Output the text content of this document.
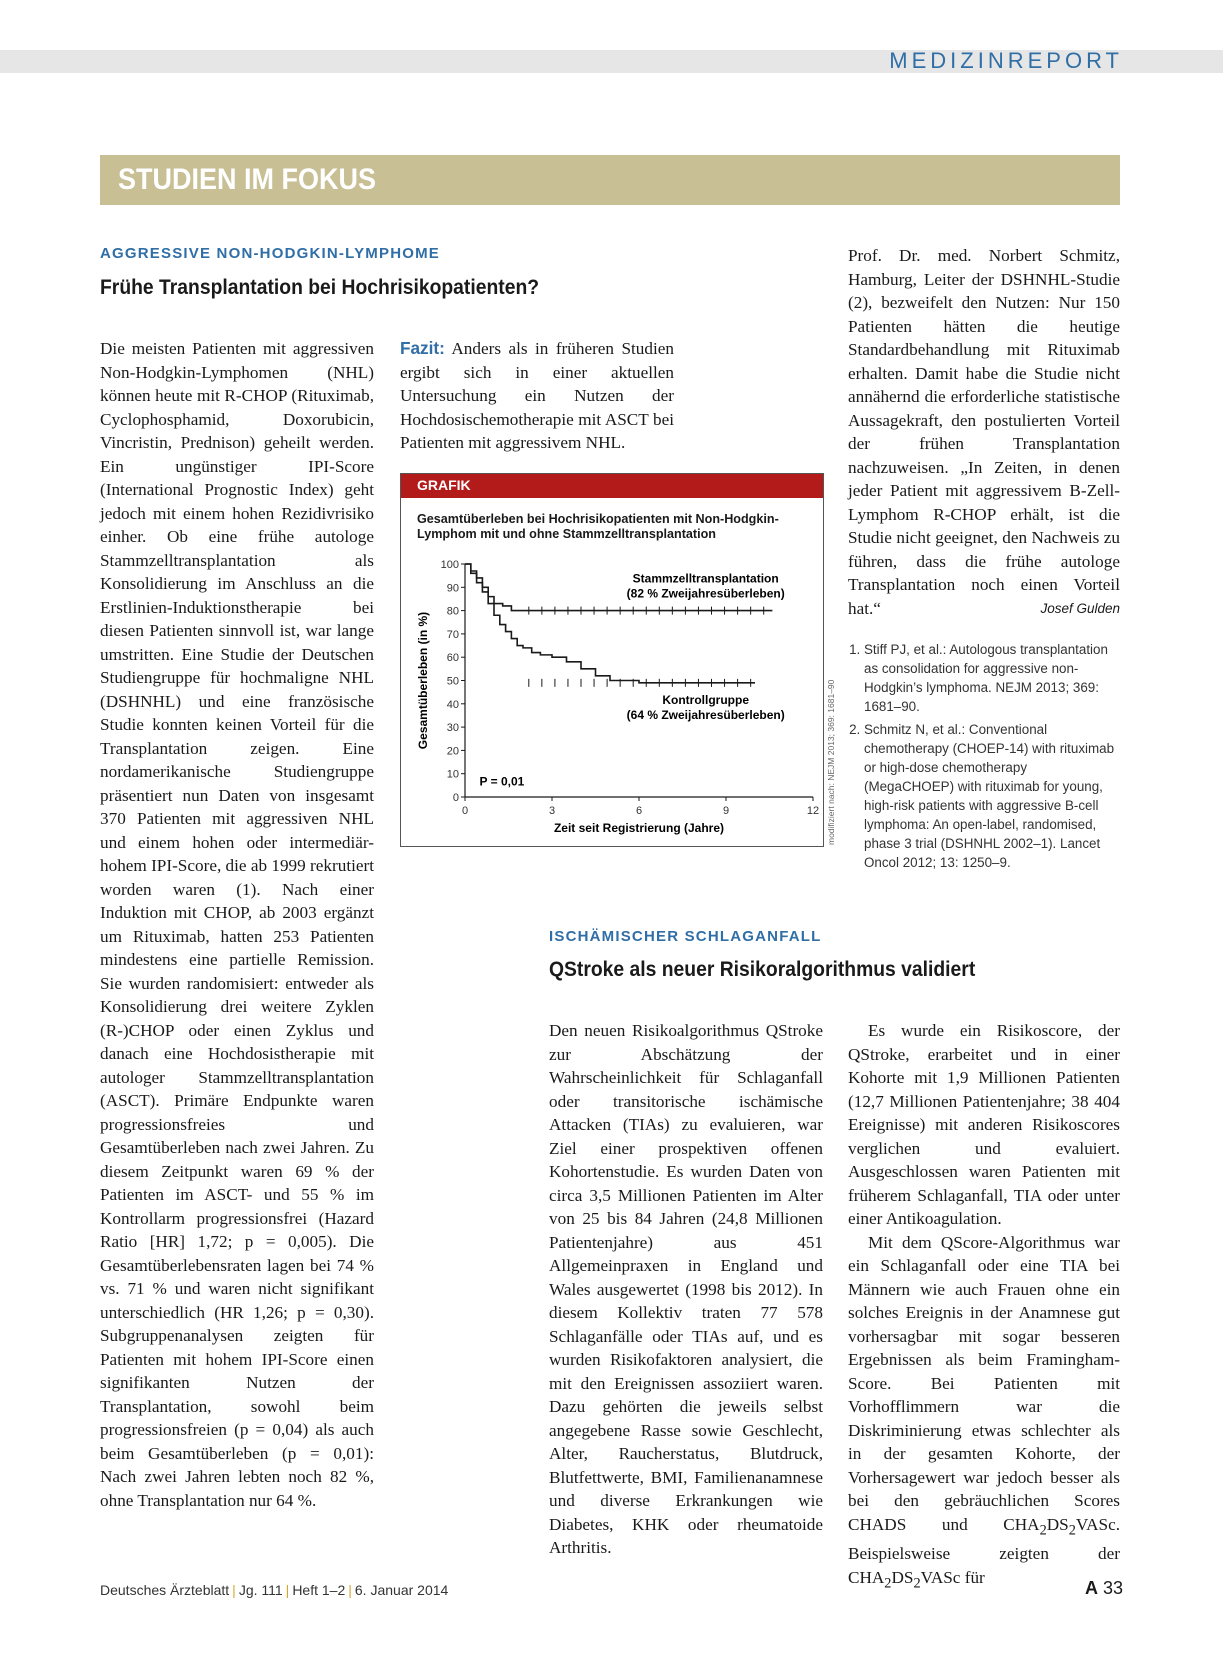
MEDIZINREPORT
STUDIEN IM FOKUS
AGGRESSIVE NON-HODGKIN-LYMPHOME
Frühe Transplantation bei Hochrisikopatienten?

Die meisten Patienten mit aggressiven Non-Hodgkin-Lymphomen (NHL) können heute mit R-CHOP (Rituximab, Cyclophosphamid, Doxorubicin, Vincristin, Prednison) geheilt werden. Ein ungünstiger IPI-Score (International Prognostic Index) geht jedoch mit einem hohen Rezidivrisiko einher. Ob eine frühe autologe Stammzelltransplantation als Konsolidierung im Anschluss an die Erstlinien-Induktionstherapie bei diesen Patienten sinnvoll ist, war lange umstritten. Eine Studie der Deutschen Studiengruppe für hochmaligne NHL (DSHNHL) und eine französische Studie konnten keinen Vorteil für die Transplantation zeigen. Eine nordamerikanische Studiengruppe präsentiert nun Daten von insgesamt 370 Patienten mit aggressiven NHL und einem hohen oder intermediär-hohem IPI-Score, die ab 1999 rekrutiert worden waren (1). Nach einer Induktion mit CHOP, ab 2003 ergänzt um Rituximab, hatten 253 Patienten mindestens eine partielle Remission. Sie wurden randomisiert: entweder als Konsolidierung drei weitere Zyklen (R-)CHOP oder einen Zyklus und danach eine Hochdosistherapie mit autologer Stammzelltransplantation (ASCT). Primäre Endpunkte waren progressionsfreies und Gesamtüberleben nach zwei Jahren. Zu diesem Zeitpunkt waren 69 % der Patienten im ASCT- und 55 % im Kontrollarm progressionsfrei (Hazard Ratio [HR] 1,72; p = 0,005). Die Gesamtüberlebensraten lagen bei 74 % vs. 71 % und waren nicht signifikant unterschiedlich (HR 1,26; p = 0,30). Subgruppenanalysen zeigten für Patienten mit hohem IPI-Score einen signifikanten Nutzen der Transplantation, sowohl beim progressionsfreien (p = 0,04) als auch beim Gesamtüberleben (p = 0,01): Nach zwei Jahren lebten noch 82 %, ohne Transplantation nur 64 %.

Fazit: Anders als in früheren Studien ergibt sich in einer aktuellen Untersuchung ein Nutzen der Hochdosischemotherapie mit ASCT bei Patienten mit aggressivem NHL.

Prof. Dr. med. Norbert Schmitz, Hamburg, Leiter der DSHNHL-Studie (2), bezweifelt den Nutzen: Nur 150 Patienten hätten die heutige Standardbehandlung mit Rituximab erhalten. Damit habe die Studie nicht annähernd die erforderliche statistische Aussagekraft, den postulierten Vorteil der frühen Transplantation nachzuweisen. „In Zeiten, in denen jeder Patient mit aggressivem B-Zell-Lymphom R-CHOP erhält, ist die Studie nicht geeignet, den Nachweis zu führen, dass die frühe autologe Transplantation noch einen Vorteil hat.“	Josef Gulden

1. Stiff PJ, et al.: Autologous transplantation as consolidation for aggressive non-Hodgkin’s lymphoma. NEJM 2013; 369: 1681–90.
2. Schmitz N, et al.: Conventional chemotherapy (CHOEP-14) with rituximab or high-dose chemotherapy (MegaCHOEP) with rituximab for young, high-risk patients with aggressive B-cell lymphoma: An open-label, randomised, phase 3 trial (DSHNHL 2002–1). Lancet Oncol 2012; 13: 1250–9.
GRAFIK
Gesamtüberleben bei Hochrisikopatienten mit Non-Hodgkin-Lymphom mit und ohne Stammzelltransplantation
0
10
20
30
40
50
60
70
80
90
100
0	3	6	9	12
Zeit seit Registrierung (Jahre)
Gesamtüberleben (in %)
P = 0,01
Stammzelltransplantation
(82 % Zweijahresüberleben)
Kontrollgruppe
(64 % Zweijahresüberleben)	modifiziert nach: NEJM 2013; 369: 1681–90
ISCHÄMISCHER SCHLAGANFALL
QStroke als neuer Risikoralgorithmus validiert

Den neuen Risikoalgorithmus QStroke zur Abschätzung der Wahrscheinlichkeit für Schlaganfall oder transitorische ischämische Attacken (TIAs) zu evaluieren, war Ziel einer prospektiven offenen Kohortenstudie. Es wurden Daten von circa 3,5 Millionen Patienten im Alter von 25 bis 84 Jahren (24,8 Millionen Patientenjahre) aus 451 Allgemeinpraxen in England und Wales ausgewertet (1998 bis 2012). In diesem Kollektiv traten 77 578 Schlaganfälle oder TIAs auf, und es wurden Risikofaktoren analysiert, die mit den Ereignissen assoziiert waren. Dazu gehörten die jeweils selbst angegebene Rasse sowie Geschlecht, Alter, Raucherstatus, Blutdruck, Blutfettwerte, BMI, Familienanamnese und diverse Erkrankungen wie Diabetes, KHK oder rheumatoide Arthritis.

Es wurde ein Risikoscore, der QStroke, erarbeitet und in einer Kohorte mit 1,9 Millionen Patienten (12,7 Millionen Patientenjahre; 38 404 Ereignisse) mit anderen Risikoscores verglichen und evaluiert. Ausgeschlossen waren Patienten mit früherem Schlaganfall, TIA oder unter einer Antikoagulation.

Mit dem QScore-Algorithmus war ein Schlaganfall oder eine TIA bei Männern wie auch Frauen ohne ein solches Ereignis in der Anamnese gut vorhersagbar mit sogar besseren Ergebnissen als beim Framingham-Score. Bei Patienten mit Vorhofflimmern war die Diskriminierung etwas schlechter als in der gesamten Kohorte, der Vorhersagewert war jedoch besser als bei den gebräuchlichen Scores CHADS und $CHA_2DS_2VASc$. Beispielsweise zeigten der $CHA_2DS_2VASc$ für

Deutsches Ärzteblatt | Jg. 111 | Heft 1–2 | 6. Januar 2014	A 33
